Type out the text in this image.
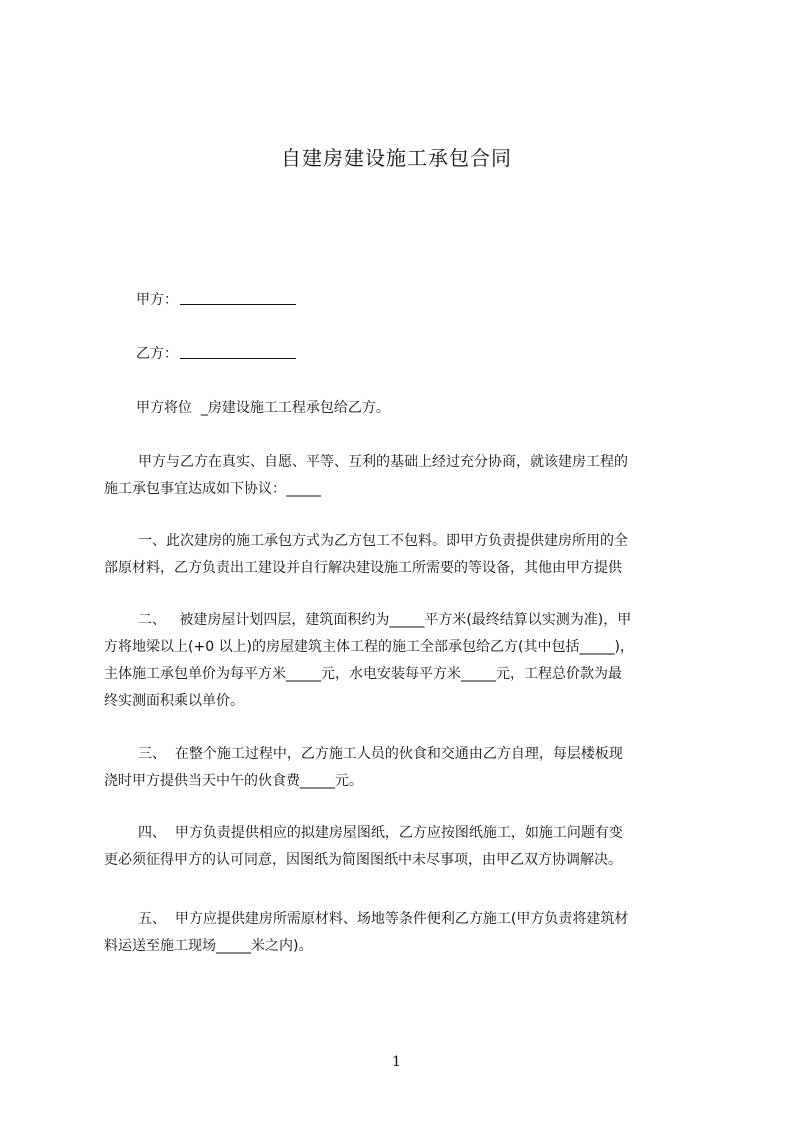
自建房建设施工承包合同
甲方：
乙方：
甲方将位  _房建设施工工程承包给乙方。
甲方与乙方在真实、自愿、平等、互利的基础上经过充分协商，就该建房工程的
施工承包事宜达成如下协议：_____
一、此次建房的施工承包方式为乙方包工不包料。即甲方负责提供建房所用的全
部原材料，乙方负责出工建设并自行解决建设施工所需要的等设备，其他由甲方提供
二、   被建房屋计划四层，建筑面积约为_____平方米(最终结算以实测为准)，甲
方将地梁以上(+0 以上)的房屋建筑主体工程的施工全部承包给乙方(其中包括_____)，
主体施工承包单价为每平方米_____元，水电安装每平方米_____元，工程总价款为最
终实测面积乘以单价。
三、  在整个施工过程中，乙方施工人员的伙食和交通由乙方自理，每层楼板现
浇时甲方提供当天中午的伙食费_____元。
四、  甲方负责提供相应的拟建房屋图纸，乙方应按图纸施工，如施工问题有变
更必须征得甲方的认可同意，因图纸为简图图纸中未尽事项，由甲乙双方协调解决。
五、  甲方应提供建房所需原材料、场地等条件便利乙方施工(甲方负责将建筑材
料运送至施工现场_____米之内)。
1
